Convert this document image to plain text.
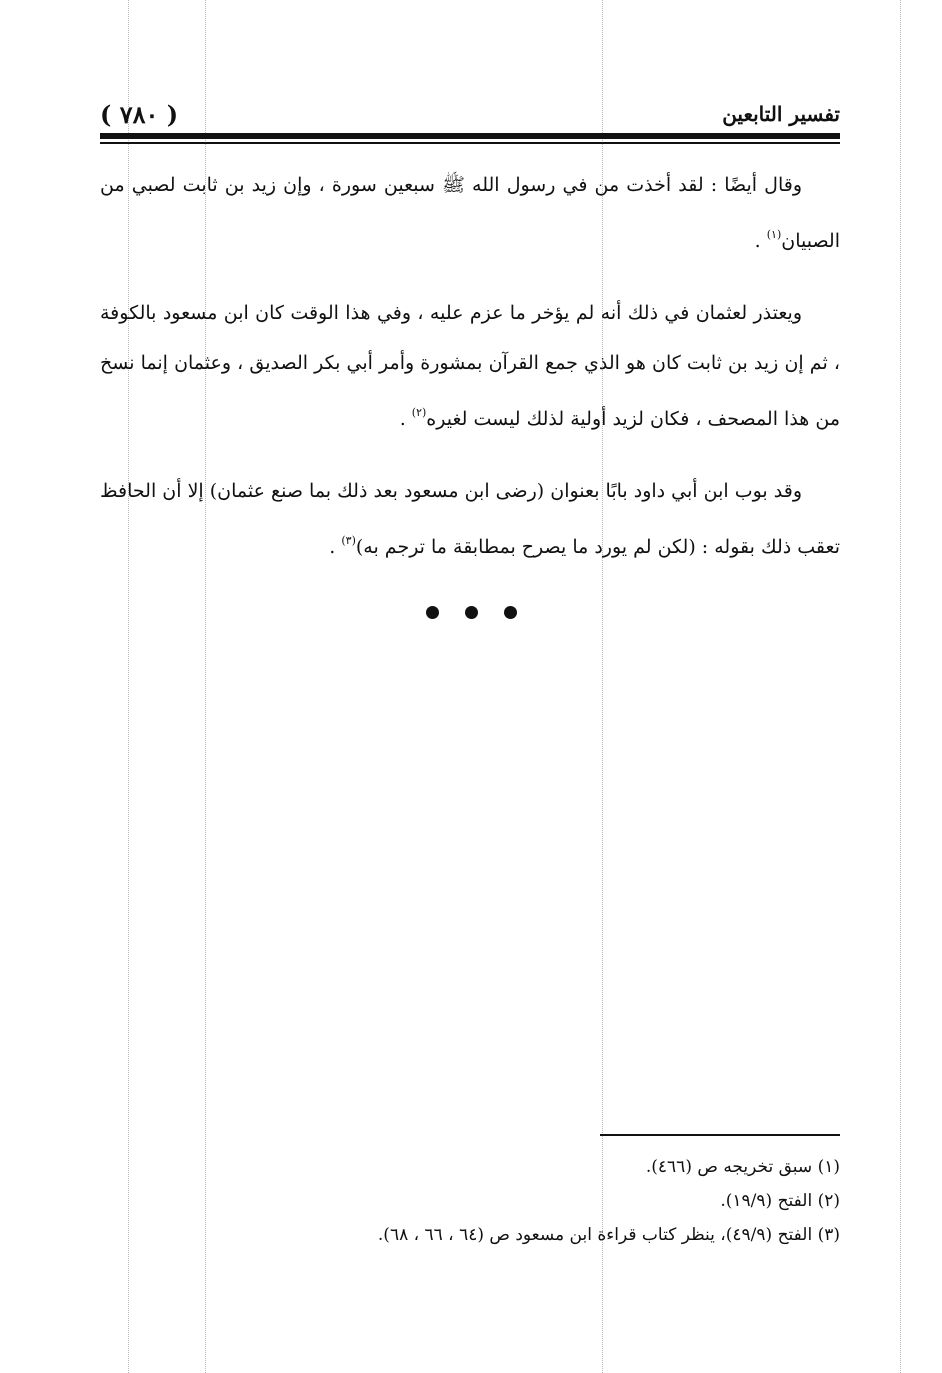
( ٧٨٠ )	تفسير التابعين

وقال أيضًا : لقد أخذت من في رسول الله ﷺ سبعين سورة ، وإن زيد بن ثابت لصبي من الصبيان$^{(١)}$ .

ويعتذر لعثمان في ذلك أنه لم يؤخر ما عزم عليه ، وفي هذا الوقت كان ابن مسعود بالكوفة ، ثم إن زيد بن ثابت كان هو الذي جمع القرآن بمشورة وأمر أبي بكر الصديق ، وعثمان إنما نسخ من هذا المصحف ، فكان لزيد أولية لذلك ليست لغيره$^{(٢)}$ .

وقد بوب ابن أبي داود بابًا بعنوان (رضى ابن مسعود بعد ذلك بما صنع عثمان) إلا أن الحافظ تعقب ذلك بقوله : (لكن لم يورد ما يصرح بمطابقة ما ترجم به)$^{(٣)}$ .

(١) سبق تخريجه ص (٤٦٦).
(٢) الفتح (١٩/٩).
(٣) الفتح (٤٩/٩)، ينظر كتاب قراءة ابن مسعود ص (٦٤ ، ٦٦ ، ٦٨).
